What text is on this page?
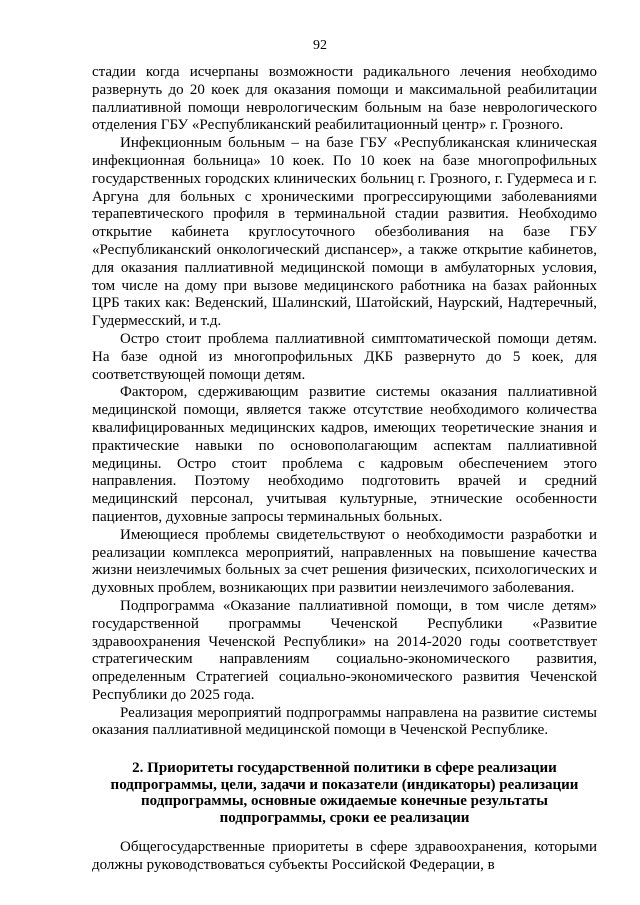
92

стадии когда исчерпаны возможности радикального лечения необходимо развернуть до 20 коек для оказания помощи и максимальной реабилитации паллиативной помощи неврологическим больным на базе неврологического отделения ГБУ «Республиканский реабилитационный центр» г. Грозного.

Инфекционным больным – на базе ГБУ «Республиканская клиническая инфекционная больница» 10 коек. По 10 коек на базе многопрофильных государственных городских клинических больниц г. Грозного, г. Гудермеса и г. Аргуна для больных с хроническими прогрессирующими заболеваниями терапевтического профиля в терминальной стадии развития. Необходимо открытие кабинета круглосуточного обезболивания на базе ГБУ «Республиканский онкологический диспансер», а также открытие кабинетов, для оказания паллиативной медицинской помощи в амбулаторных условия, том числе на дому при вызове медицинского работника на базах районных ЦРБ таких как: Веденский, Шалинский, Шатойский, Наурский, Надтеречный, Гудермесский, и т.д.

Остро стоит проблема паллиативной симптоматической помощи детям. На базе одной из многопрофильных ДКБ развернуто до 5 коек, для соответствующей помощи детям.

Фактором, сдерживающим развитие системы оказания паллиативной медицинской помощи, является также отсутствие необходимого количества квалифицированных медицинских кадров, имеющих теоретические знания и практические навыки по основополагающим аспектам паллиативной медицины. Остро стоит проблема с кадровым обеспечением этого направления. Поэтому необходимо подготовить врачей и средний медицинский персонал, учитывая культурные, этнические особенности пациентов, духовные запросы терминальных больных.

Имеющиеся проблемы свидетельствуют о необходимости разработки и реализации комплекса мероприятий, направленных на повышение качества жизни неизлечимых больных за счет решения физических, психологических и духовных проблем, возникающих при развитии неизлечимого заболевания.

Подпрограмма «Оказание паллиативной помощи, в том числе детям» государственной программы Чеченской Республики «Развитие здравоохранения Чеченской Республики» на 2014-2020 годы соответствует стратегическим направлениям социально-экономического развития, определенным Стратегией социально-экономического развития Чеченской Республики до 2025 года.

Реализация мероприятий подпрограммы направлена на развитие системы оказания паллиативной медицинской помощи в Чеченской Республике.

2. Приоритеты государственной политики в сфере реализации подпрограммы, цели, задачи и показатели (индикаторы) реализации подпрограммы, основные ожидаемые конечные результаты подпрограммы, сроки ее реализации

Общегосударственные приоритеты в сфере здравоохранения, которыми должны руководствоваться субъекты Российской Федерации, в
